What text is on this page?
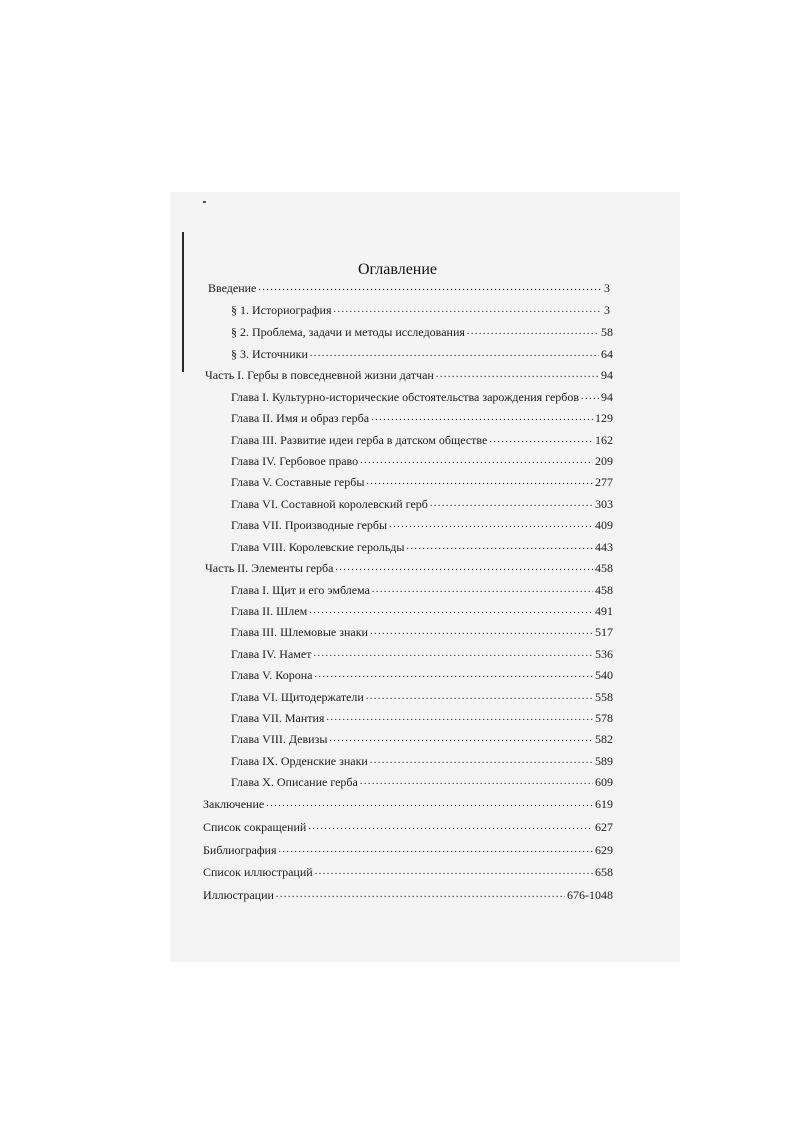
Оглавление
Введение .....	3
§ 1. Историография .....	3
§ 2. Проблема, задачи и методы исследования .....	58
§ 3. Источники .....	64
Часть I. Гербы в повседневной жизни датчан .....	94
Глава I. Культурно-исторические обстоятельства зарождения гербов ..... 94
Глава II. Имя и образ герба .....	129
Глава III. Развитие идеи герба в датском обществе .....	162
Глава IV. Гербовое право .....	209
Глава V. Составные гербы .....	277
Глава VI. Составной королевский герб .....	303
Глава VII. Производные гербы .....	409
Глава VIII. Королевские герольды .....	443
Часть II. Элементы герба .....	458
Глава I. Щит и его эмблема .....	458
Глава II. Шлем .....	491
Глава III. Шлемовые знаки .....	517
Глава IV. Намет .....	536
Глава V. Корона .....	540
Глава VI. Щитодержатели .....	558
Глава VII. Мантия .....	578
Глава VIII. Девизы .....	582
Глава IX. Орденские знаки .....	589
Глава X. Описание герба .....	609
Заключение .....	619
Список сокращений .....	627
Библиография .....	629
Список иллюстраций .....	658
Иллюстрации .....	676-1048
